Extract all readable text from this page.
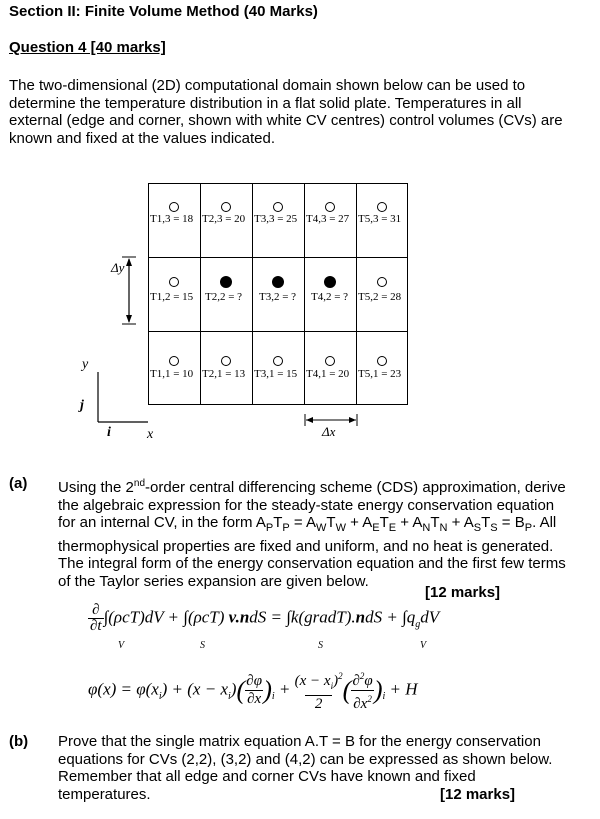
Section II: Finite Volume Method (40 Marks)
Question 4 [40 marks]
The two-dimensional (2D) computational domain shown below can be used to determine the temperature distribution in a flat solid plate. Temperatures in all external (edge and corner, shown with white CV centres) control volumes (CVs) are known and fixed at the values indicated.
T1,3 = 18 T2,3 = 20 T3,3 = 25 T4,3 = 27 T5,3 = 31
T1,2 = 15 T2,2 = ? T3,2 = ? T4,2 = ? T5,2 = 28
T1,1 = 10 T2,1 = 13 T3,1 = 15 T4,1 = 20 T5,1 = 23
Δy
Δx
y
j
i	x
(a) Using the 2nd-order central differencing scheme (CDS) approximation, derive the algebraic expression for the steady-state energy conservation equation for an internal CV, in the form $A_PT_P = A_WT_W + A_ET_E + A_NT_N + A_ST_S = B_P$. All thermophysical properties are fixed and uniform, and no heat is generated. The integral form of the energy conservation equation and the first few terms of the Taylor series expansion are given below.
[12 marks]
∂
∂t ∫(ρcT)dV + ∫(ρcT) v.ndS = ∫k(gradT).ndS + $\int q_gdV$
V	S	S	V
$\varphi(x) = \varphi(x_i) + (x - x_i)(\partial\varphi$
$\partial x)_i + (x - x_i)^2$
2 (∂$^2$φ
$\partial x^2)_i + H$
(b) Prove that the single matrix equation A.T = B for the energy conservation equations for CVs (2,2), (3,2) and (4,2) can be expressed as shown below. Remember that all edge and corner CVs have known and fixed temperatures.	[12 marks]
